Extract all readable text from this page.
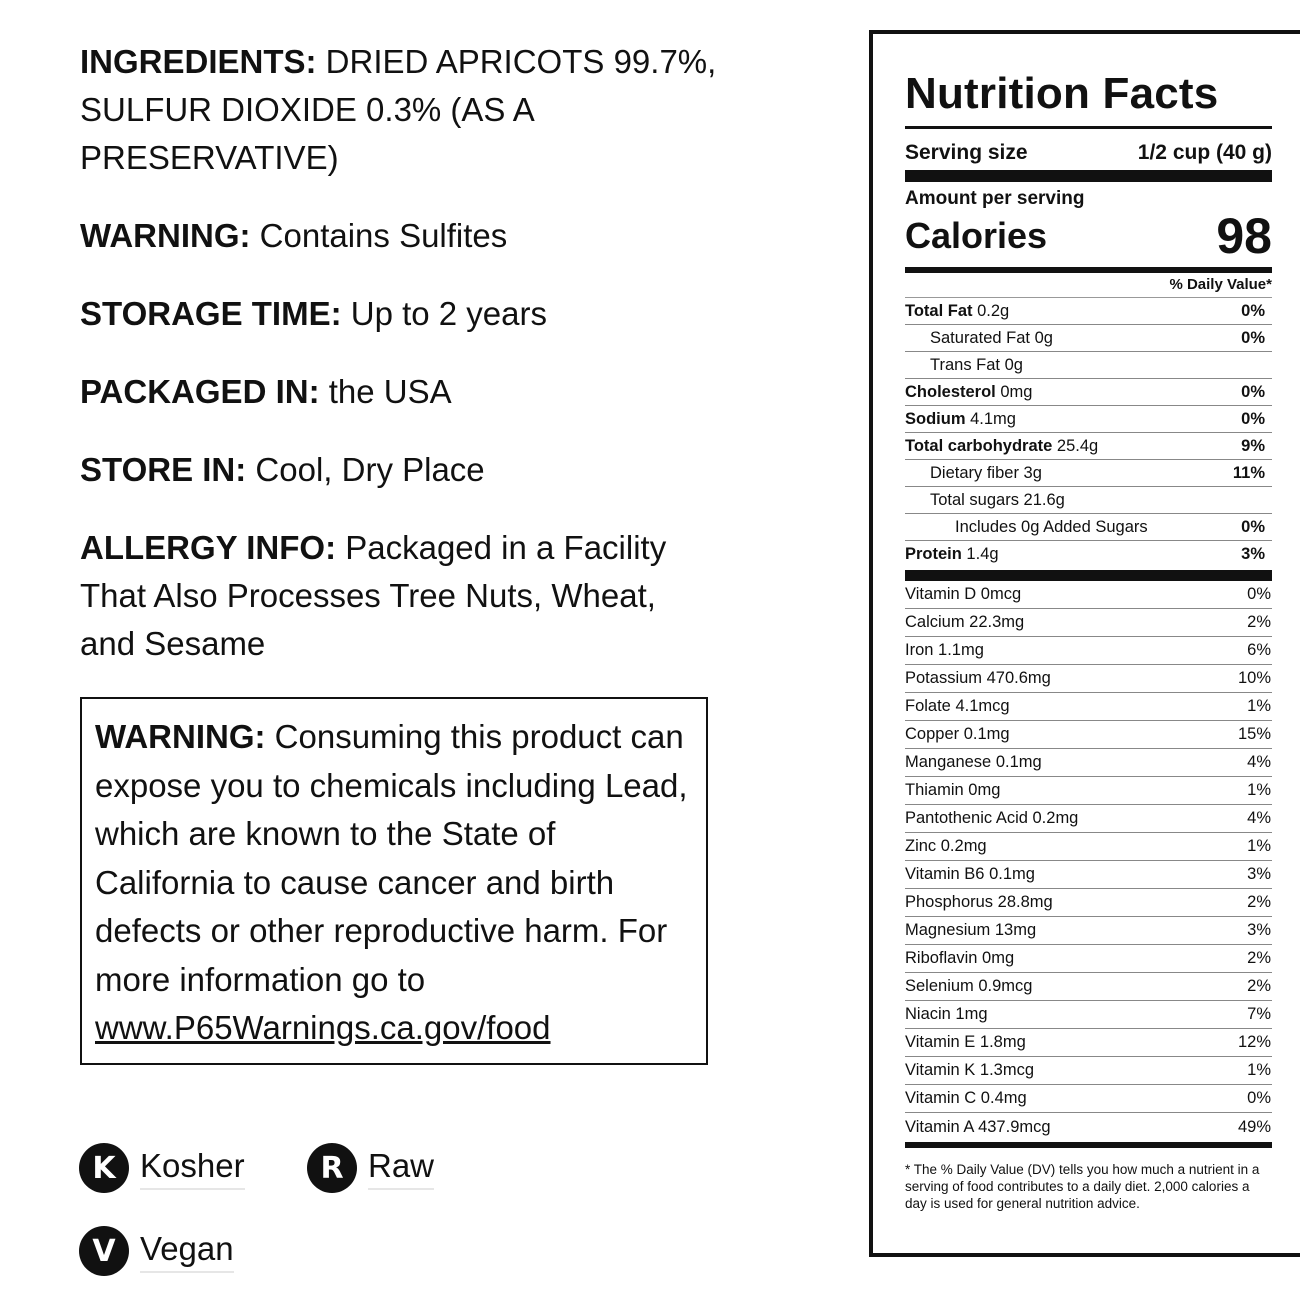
INGREDIENTS: DRIED APRICOTS 99.7%, SULFUR DIOXIDE 0.3% (AS A PRESERVATIVE)

WARNING: Contains Sulfites

STORAGE TIME: Up to 2 years

PACKAGED IN: the USA

STORE IN: Cool, Dry Place

ALLERGY INFO: Packaged in a Facility That Also Processes Tree Nuts, Wheat, and Sesame

WARNING: Consuming this product can expose you to chemicals including Lead, which are known to the State of California to cause cancer and birth defects or other reproductive harm. For more information go to www.P65Warnings.ca.gov/food
K Kosher	R Raw
V Vegan
Nutrition Facts
Serving size	1/2 cup (40 g)
Amount per serving
Calories	98
% Daily Value*
Total Fat 0.2g	0%
Saturated Fat 0g	0%
Trans Fat 0g
Cholesterol 0mg	0%
Sodium 4.1mg	0%
Total carbohydrate 25.4g	9%
Dietary fiber 3g	11%
Total sugars 21.6g
Includes 0g Added Sugars	0%
Protein 1.4g	3%
Vitamin D 0mcg	0%
Calcium 22.3mg	2%
Iron 1.1mg	6%
Potassium 470.6mg	10%
Folate 4.1mcg	1%
Copper 0.1mg	15%
Manganese 0.1mg	4%
Thiamin 0mg	1%
Pantothenic Acid 0.2mg	4%
Zinc 0.2mg	1%
Vitamin B6 0.1mg	3%
Phosphorus 28.8mg	2%
Magnesium 13mg	3%
Riboflavin 0mg	2%
Selenium 0.9mcg	2%
Niacin 1mg	7%
Vitamin E 1.8mg	12%
Vitamin K 1.3mcg	1%
Vitamin C 0.4mg	0%
Vitamin A 437.9mcg	49%
* The % Daily Value (DV) tells you how much a nutrient in a serving of food contributes to a daily diet. 2,000 calories a day is used for general nutrition advice.
